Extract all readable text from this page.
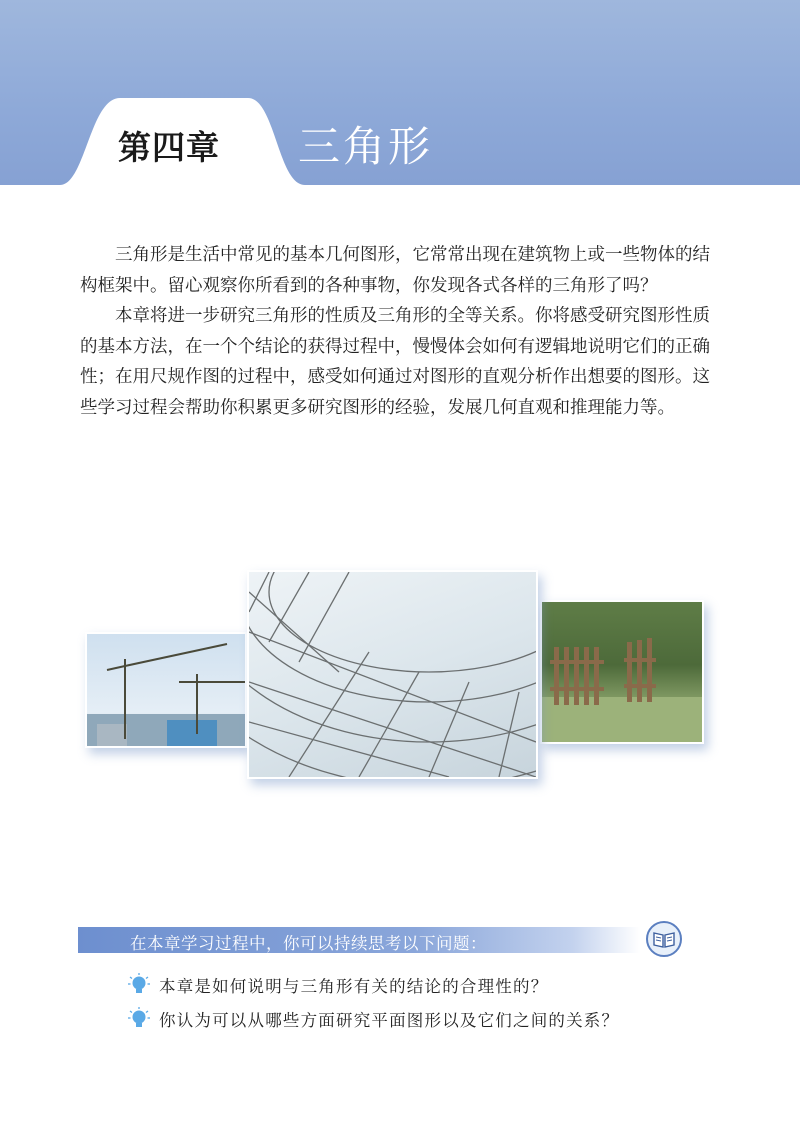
第四章 三角形

三角形是生活中常见的基本几何图形，它常常出现在建筑物上或一些物体的结构框架中。留心观察你所看到的各种事物，你发现各式各样的三角形了吗？

本章将进一步研究三角形的性质及三角形的全等关系。你将感受研究图形性质的基本方法，在一个个结论的获得过程中，慢慢体会如何有逻辑地说明它们的正确性；在用尺规作图的过程中，感受如何通过对图形的直观分析作出想要的图形。这些学习过程会帮助你积累更多研究图形的经验，发展几何直观和推理能力等。

在本章学习过程中，你可以持续思考以下问题：
本章是如何说明与三角形有关的结论的合理性的？
你认为可以从哪些方面研究平面图形以及它们之间的关系？
